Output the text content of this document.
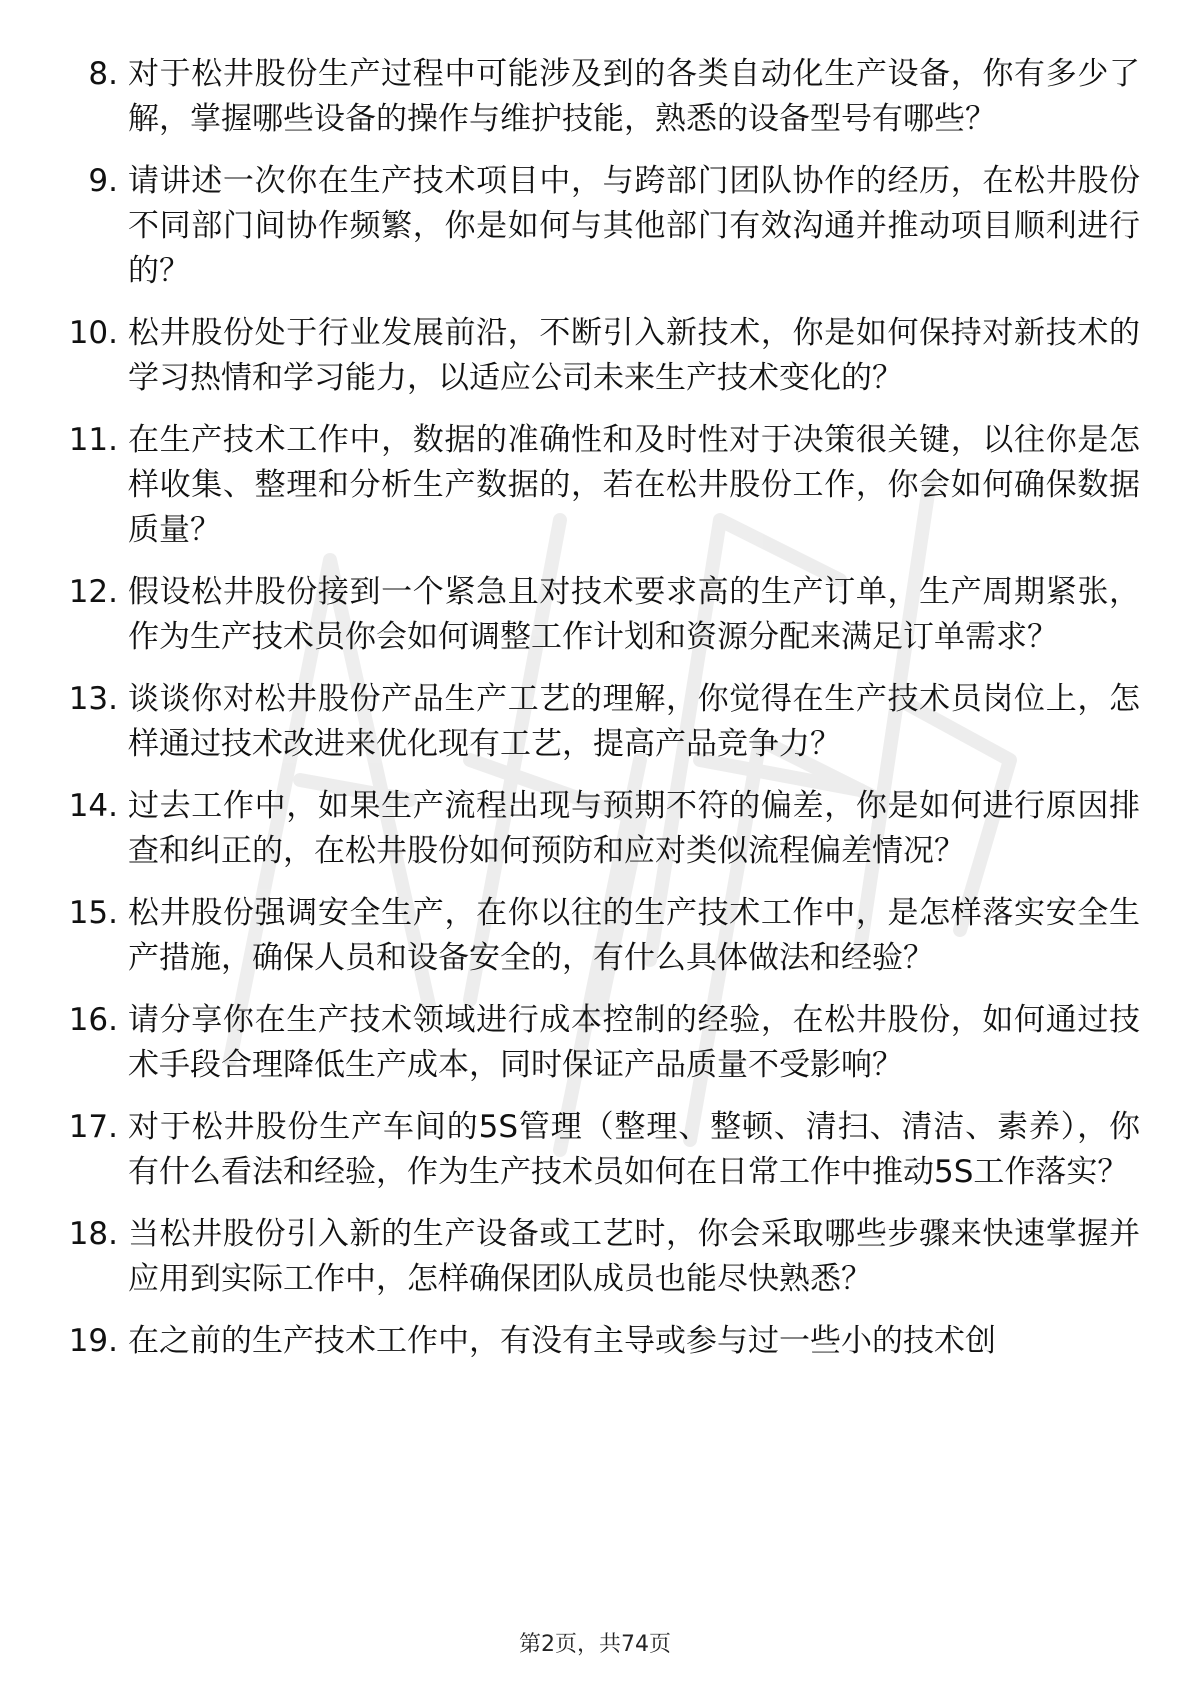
8. 对于松井股份生产过程中可能涉及到的各类自动化生产设备，你有多少了解，掌握哪些设备的操作与维护技能，熟悉的设备型号有哪些？
9. 请讲述一次你在生产技术项目中，与跨部门团队协作的经历，在松井股份不同部门间协作频繁，你是如何与其他部门有效沟通并推动项目顺利进行的？
10. 松井股份处于行业发展前沿，不断引入新技术，你是如何保持对新技术的学习热情和学习能力，以适应公司未来生产技术变化的？
11. 在生产技术工作中，数据的准确性和及时性对于决策很关键，以往你是怎样收集、整理和分析生产数据的，若在松井股份工作，你会如何确保数据质量？
12. 假设松井股份接到一个紧急且对技术要求高的生产订单，生产周期紧张，作为生产技术员你会如何调整工作计划和资源分配来满足订单需求？
13. 谈谈你对松井股份产品生产工艺的理解，你觉得在生产技术员岗位上，怎样通过技术改进来优化现有工艺，提高产品竞争力？
14. 过去工作中，如果生产流程出现与预期不符的偏差，你是如何进行原因排查和纠正的，在松井股份如何预防和应对类似流程偏差情况？
15. 松井股份强调安全生产，在你以往的生产技术工作中，是怎样落实安全生产措施，确保人员和设备安全的，有什么具体做法和经验？
16. 请分享你在生产技术领域进行成本控制的经验，在松井股份，如何通过技术手段合理降低生产成本，同时保证产品质量不受影响？
17. 对于松井股份生产车间的5S管理（整理、整顿、清扫、清洁、素养），你有什么看法和经验，作为生产技术员如何在日常工作中推动5S工作落实？
18. 当松井股份引入新的生产设备或工艺时，你会采取哪些步骤来快速掌握并应用到实际工作中，怎样确保团队成员也能尽快熟悉？
19. 在之前的生产技术工作中，有没有主导或参与过一些小的技术创
第2页，共74页
